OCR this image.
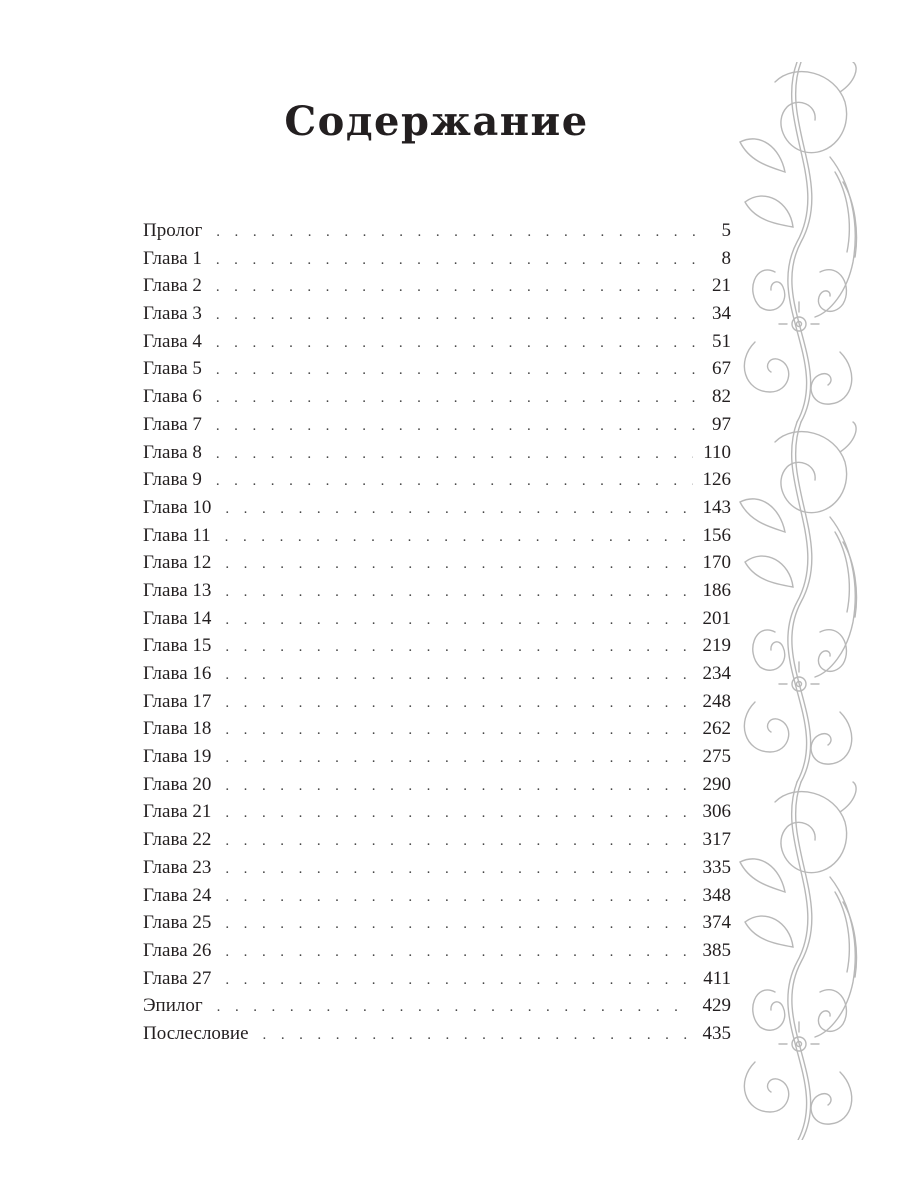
Содержание
Пролог . . .	5
Глава 1 . . .	8
Глава 2 . . .	21
Глава 3 . . .	34
Глава 4 . . .	51
Глава 5 . . .	67
Глава 6 . . .	82
Глава 7 . . .	97
Глава 8 . . .	110
Глава 9 . . .	126
Глава 10 . . .	143
Глава 11 . . .	156
Глава 12 . . .	170
Глава 13 . . .	186
Глава 14 . . .	201
Глава 15 . . .	219
Глава 16 . . .	234
Глава 17 . . .	248
Глава 18 . . .	262
Глава 19 . . .	275
Глава 20 . . .	290
Глава 21 . . .	306
Глава 22 . . .	317
Глава 23 . . .	335
Глава 24 . . .	348
Глава 25 . . .	374
Глава 26 . . .	385
Глава 27 . . .	411
Эпилог . . .	429
Послесловие . . .	435
